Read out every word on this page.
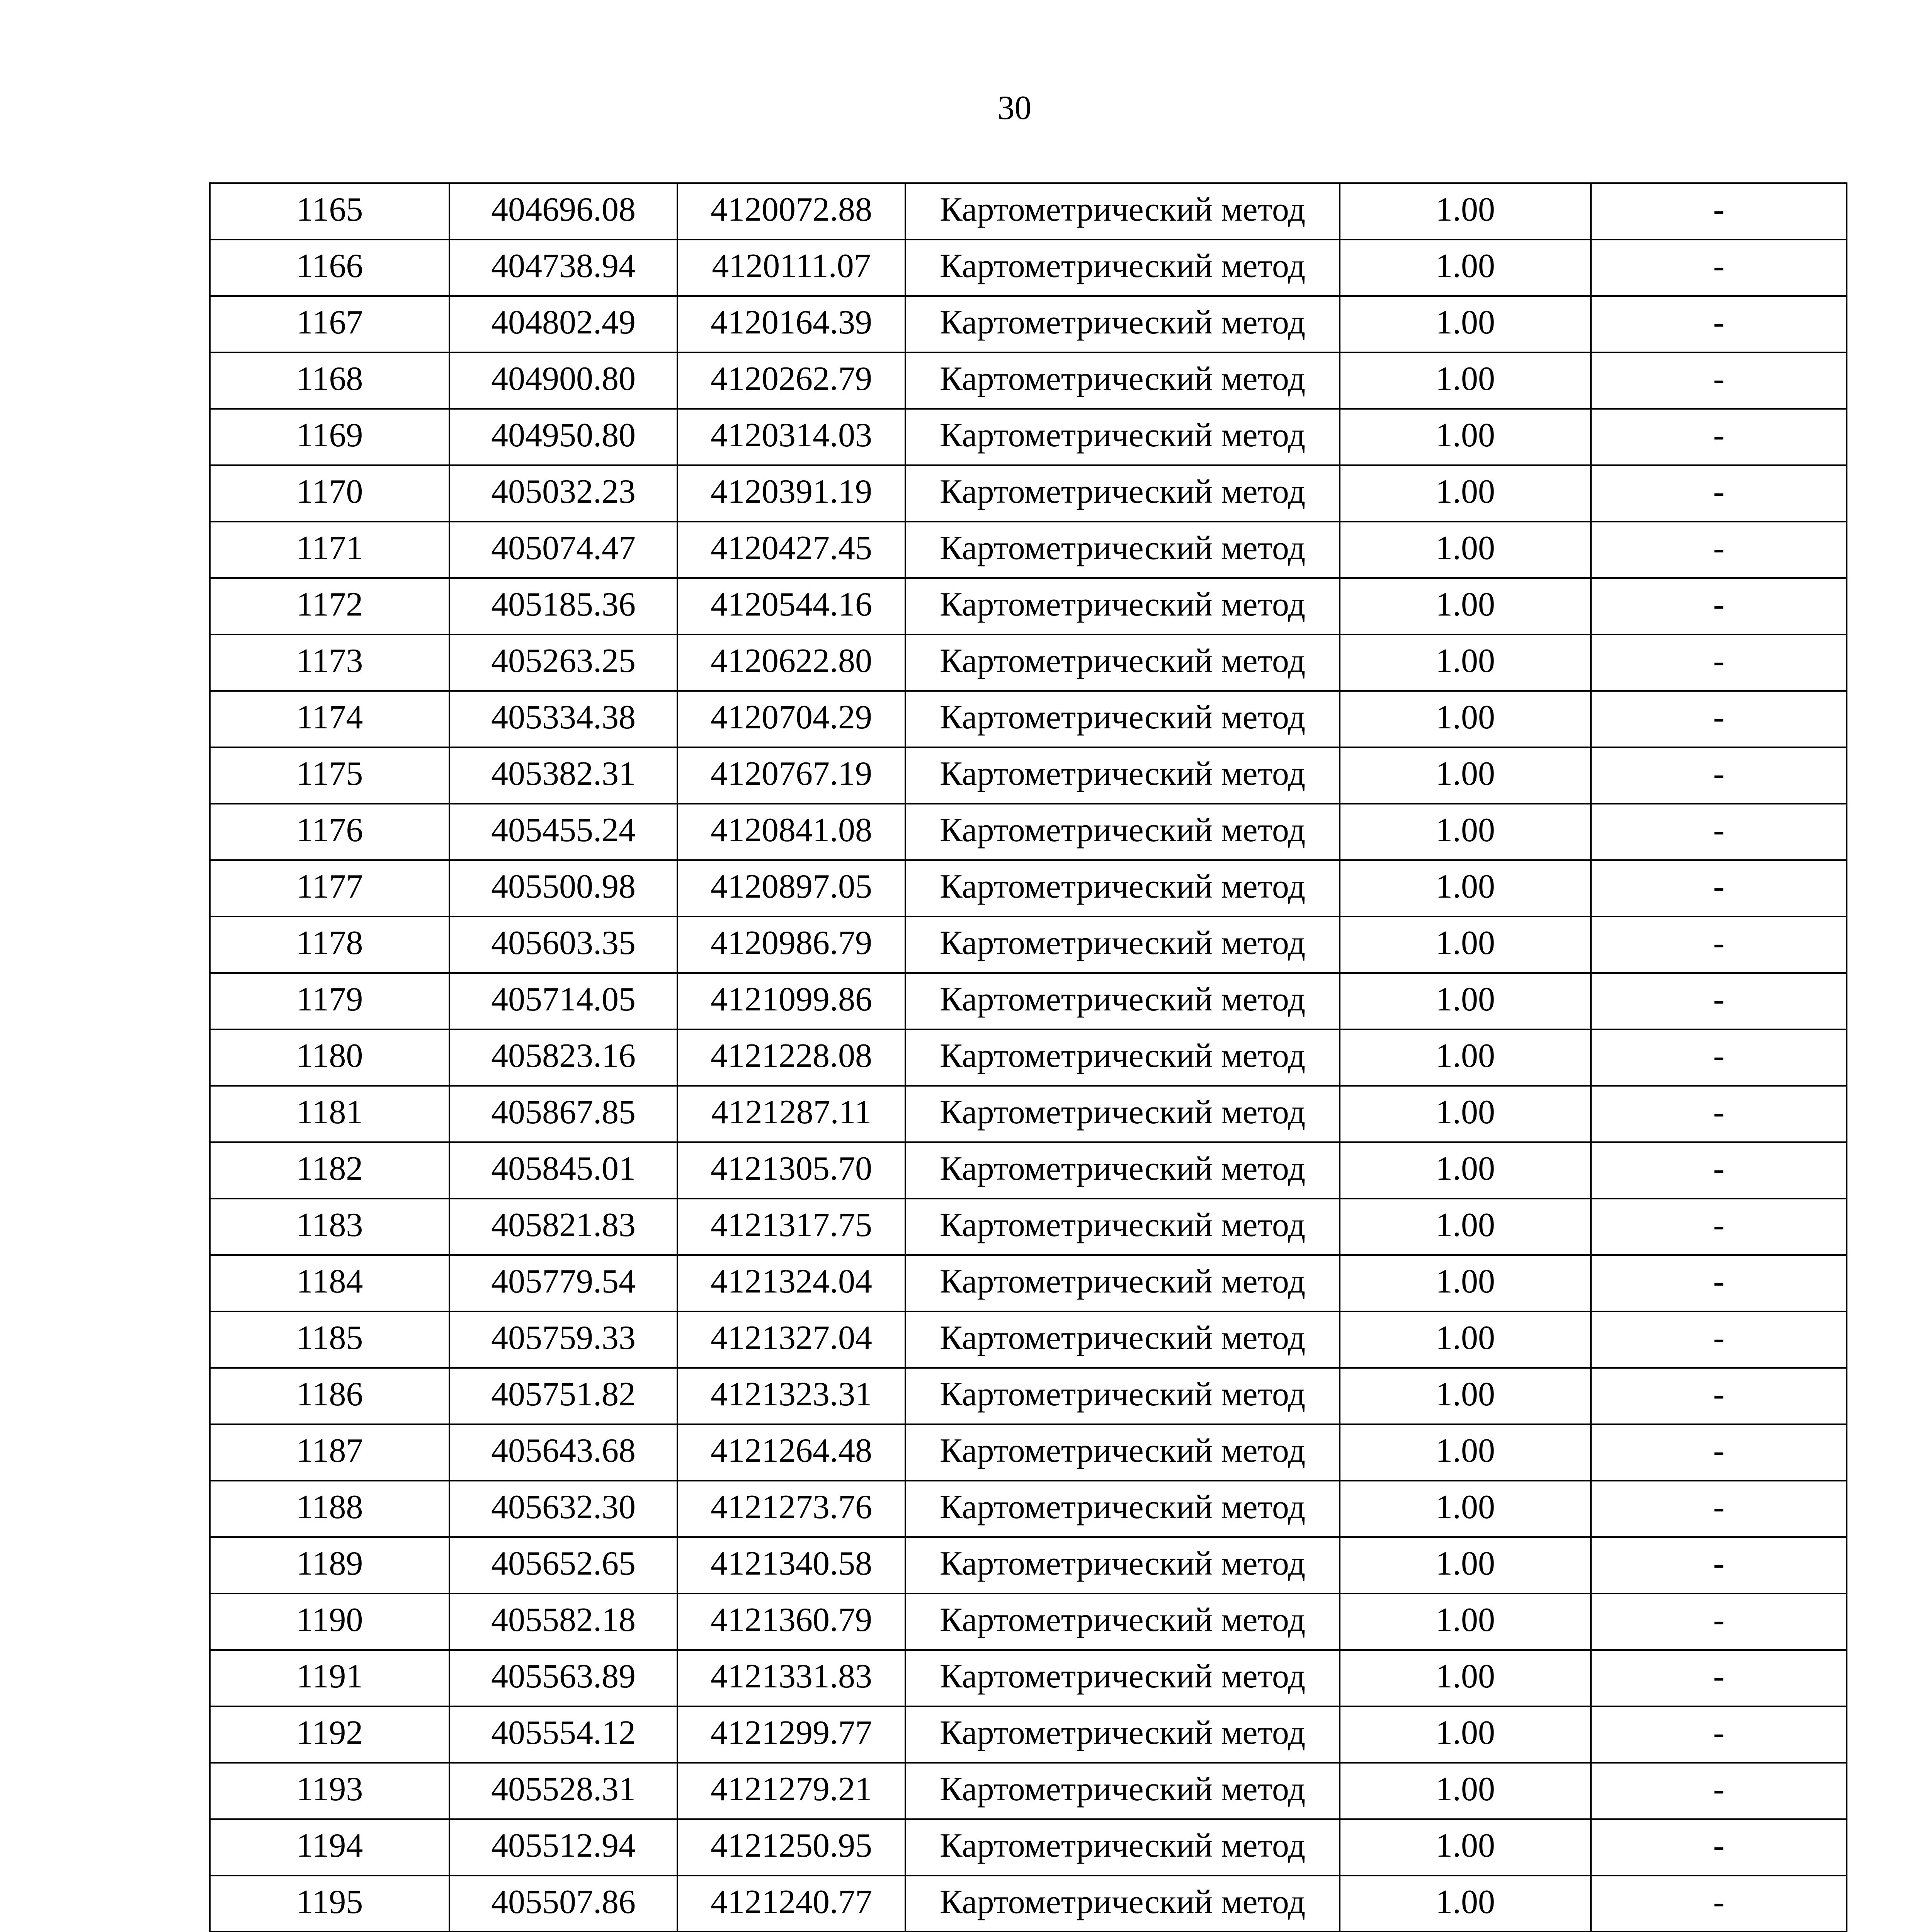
30
1165	404696.08	4120072.88	Картометрический метод	1.00	-
1166	404738.94	4120111.07	Картометрический метод	1.00	-
1167	404802.49	4120164.39	Картометрический метод	1.00	-
1168	404900.80	4120262.79	Картометрический метод	1.00	-
1169	404950.80	4120314.03	Картометрический метод	1.00	-
1170	405032.23	4120391.19	Картометрический метод	1.00	-
1171	405074.47	4120427.45	Картометрический метод	1.00	-
1172	405185.36	4120544.16	Картометрический метод	1.00	-
1173	405263.25	4120622.80	Картометрический метод	1.00	-
1174	405334.38	4120704.29	Картометрический метод	1.00	-
1175	405382.31	4120767.19	Картометрический метод	1.00	-
1176	405455.24	4120841.08	Картометрический метод	1.00	-
1177	405500.98	4120897.05	Картометрический метод	1.00	-
1178	405603.35	4120986.79	Картометрический метод	1.00	-
1179	405714.05	4121099.86	Картометрический метод	1.00	-
1180	405823.16	4121228.08	Картометрический метод	1.00	-
1181	405867.85	4121287.11	Картометрический метод	1.00	-
1182	405845.01	4121305.70	Картометрический метод	1.00	-
1183	405821.83	4121317.75	Картометрический метод	1.00	-
1184	405779.54	4121324.04	Картометрический метод	1.00	-
1185	405759.33	4121327.04	Картометрический метод	1.00	-
1186	405751.82	4121323.31	Картометрический метод	1.00	-
1187	405643.68	4121264.48	Картометрический метод	1.00	-
1188	405632.30	4121273.76	Картометрический метод	1.00	-
1189	405652.65	4121340.58	Картометрический метод	1.00	-
1190	405582.18	4121360.79	Картометрический метод	1.00	-
1191	405563.89	4121331.83	Картометрический метод	1.00	-
1192	405554.12	4121299.77	Картометрический метод	1.00	-
1193	405528.31	4121279.21	Картометрический метод	1.00	-
1194	405512.94	4121250.95	Картометрический метод	1.00	-
1195	405507.86	4121240.77	Картометрический метод	1.00	-
